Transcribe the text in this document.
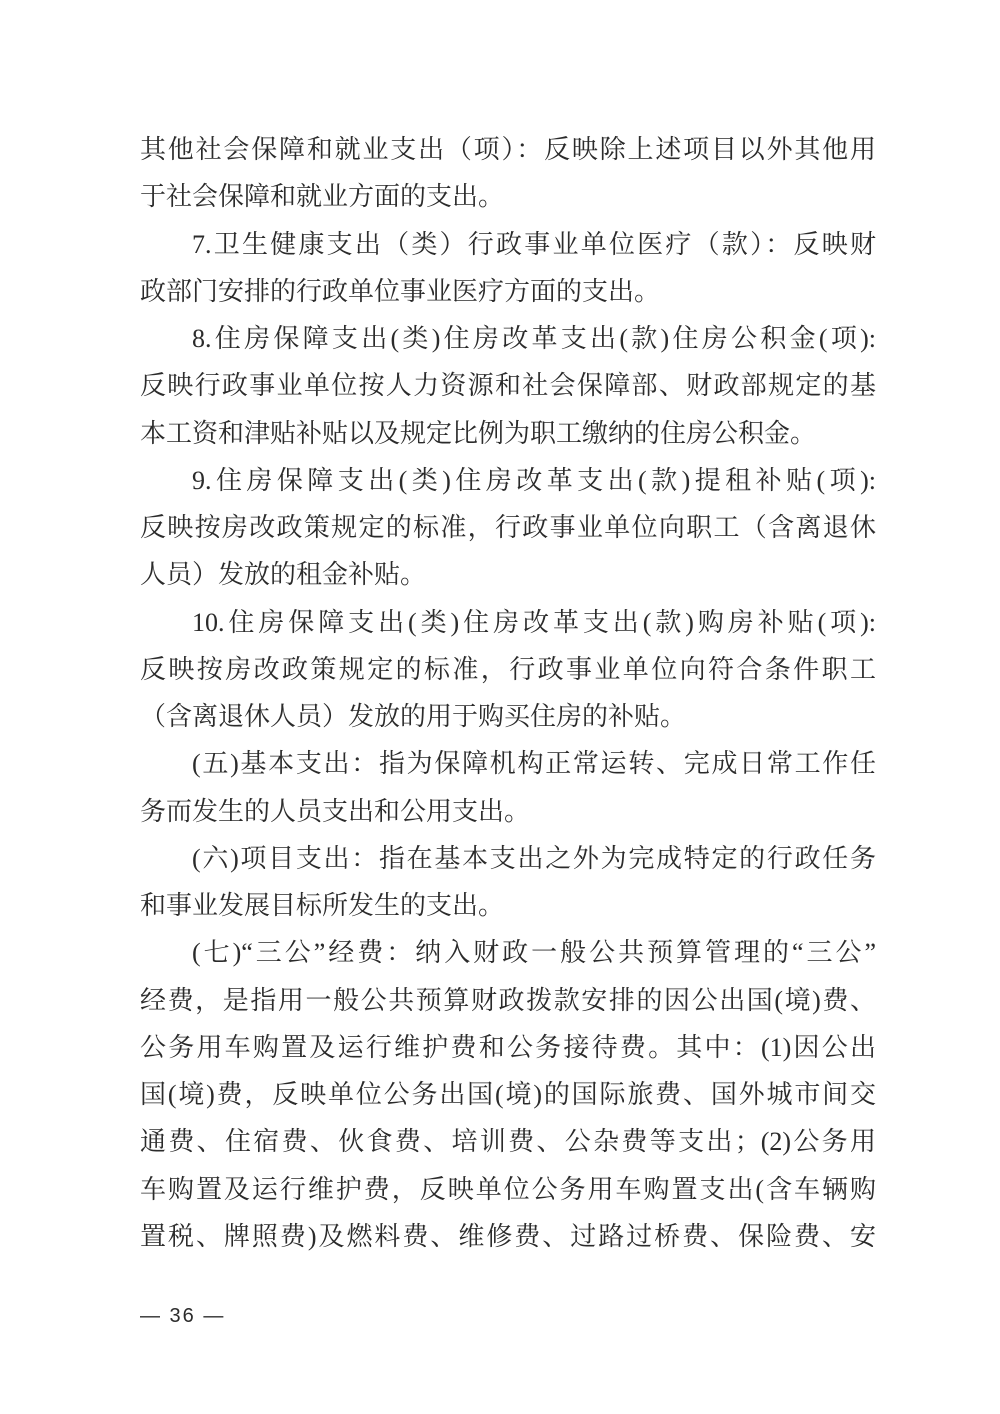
其他社会保障和就业支出（项）：反映除上述项目以外其他用
于社会保障和就业方面的支出。
7.卫生健康支出（类）行政事业单位医疗（款）：反映财
政部门安排的行政单位事业医疗方面的支出。
8.住房保障支出(类)住房改革支出(款)住房公积金(项):
反映行政事业单位按人力资源和社会保障部、财政部规定的基
本工资和津贴补贴以及规定比例为职工缴纳的住房公积金。
9.住房保障支出(类)住房改革支出(款)提租补贴(项):
反映按房改政策规定的标准，行政事业单位向职工（含离退休
人员）发放的租金补贴。
10.住房保障支出(类)住房改革支出(款)购房补贴(项):
反映按房改政策规定的标准，行政事业单位向符合条件职工
（含离退休人员）发放的用于购买住房的补贴。
(五)基本支出：指为保障机构正常运转、完成日常工作任
务而发生的人员支出和公用支出。
(六)项目支出：指在基本支出之外为完成特定的行政任务
和事业发展目标所发生的支出。
(七)“三公”经费：纳入财政一般公共预算管理的“三公”
经费，是指用一般公共预算财政拨款安排的因公出国(境)费、
公务用车购置及运行维护费和公务接待费。其中：(1)因公出
国(境)费，反映单位公务出国(境)的国际旅费、国外城市间交
通费、住宿费、伙食费、培训费、公杂费等支出；(2)公务用
车购置及运行维护费，反映单位公务用车购置支出(含车辆购
置税、牌照费)及燃料费、维修费、过路过桥费、保险费、安
— 36 —
